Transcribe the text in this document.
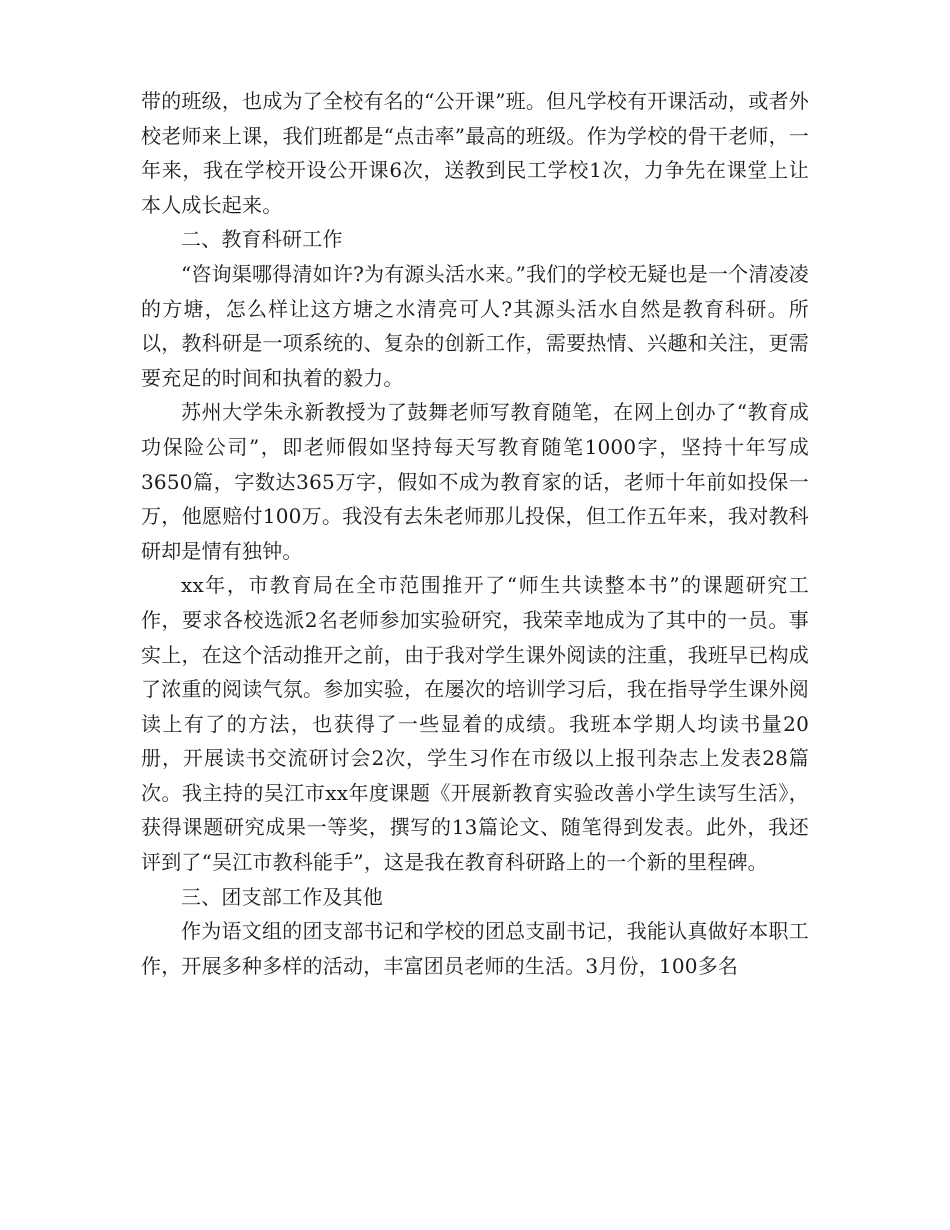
带的班级，也成为了全校有名的“公开课”班。但凡学校有开课活动，或者外校老师来上课，我们班都是“点击率”最高的班级。作为学校的骨干老师，一年来，我在学校开设公开课6次，送教到民工学校1次，力争先在课堂上让本人成长起来。

二、教育科研工作

“咨询渠哪得清如许?为有源头活水来。”我们的学校无疑也是一个清凌凌的方塘，怎么样让这方塘之水清亮可人?其源头活水自然是教育科研。所以，教科研是一项系统的、复杂的创新工作，需要热情、兴趣和关注，更需要充足的时间和执着的毅力。

苏州大学朱永新教授为了鼓舞老师写教育随笔，在网上创办了“教育成功保险公司”，即老师假如坚持每天写教育随笔1000字，坚持十年写成3650篇，字数达365万字，假如不成为教育家的话，老师十年前如投保一万，他愿赔付100万。我没有去朱老师那儿投保，但工作五年来，我对教科研却是情有独钟。

xx年，市教育局在全市范围推开了“师生共读整本书”的课题研究工作，要求各校选派2名老师参加实验研究，我荣幸地成为了其中的一员。事实上，在这个活动推开之前，由于我对学生课外阅读的注重，我班早已构成了浓重的阅读气氛。参加实验，在屡次的培训学习后，我在指导学生课外阅读上有了的方法，也获得了一些显着的成绩。我班本学期人均读书量20册，开展读书交流研讨会2次，学生习作在市级以上报刊杂志上发表28篇次。我主持的吴江市xx年度课题《开展新教育实验改善小学生读写生活》，获得课题研究成果一等奖，撰写的13篇论文、随笔得到发表。此外，我还评到了“吴江市教科能手”，这是我在教育科研路上的一个新的里程碑。

三、团支部工作及其他

作为语文组的团支部书记和学校的团总支副书记，我能认真做好本职工作，开展多种多样的活动，丰富团员老师的生活。3月份，100多名
